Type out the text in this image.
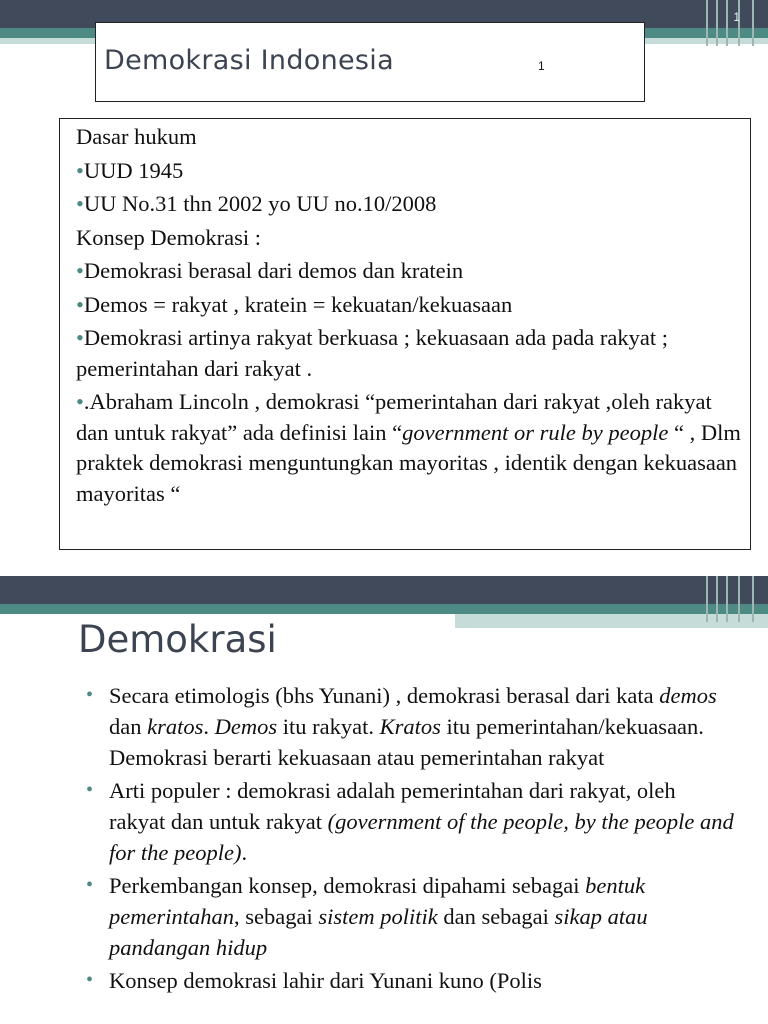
1
Demokrasi Indonesia	1

Dasar hukum

•UUD 1945

•UU No.31 thn 2002 yo UU no.10/2008

Konsep Demokrasi :

•Demokrasi berasal dari demos dan kratein

•Demos = rakyat , kratein = kekuatan/kekuasaan

•Demokrasi artinya rakyat berkuasa ; kekuasaan ada pada rakyat ; pemerintahan dari rakyat .

•.Abraham Lincoln , demokrasi “pemerintahan dari rakyat ,oleh rakyat dan untuk rakyat” ada definisi lain “government or rule by people “ , Dlm praktek demokrasi menguntungkan mayoritas , identik dengan kekuasaan mayoritas “

Demokrasi
• Secara etimologis (bhs Yunani) , demokrasi berasal dari kata demos dan kratos. Demos itu rakyat. Kratos itu pemerintahan/kekuasaan. Demokrasi berarti kekuasaan atau pemerintahan rakyat
• Arti populer : demokrasi adalah pemerintahan dari rakyat, oleh rakyat dan untuk rakyat (government of the people, by the people and for the people).
• Perkembangan konsep, demokrasi dipahami sebagai bentuk pemerintahan, sebagai sistem politik dan sebagai sikap atau pandangan hidup
• Konsep demokrasi lahir dari Yunani kuno (Polis
